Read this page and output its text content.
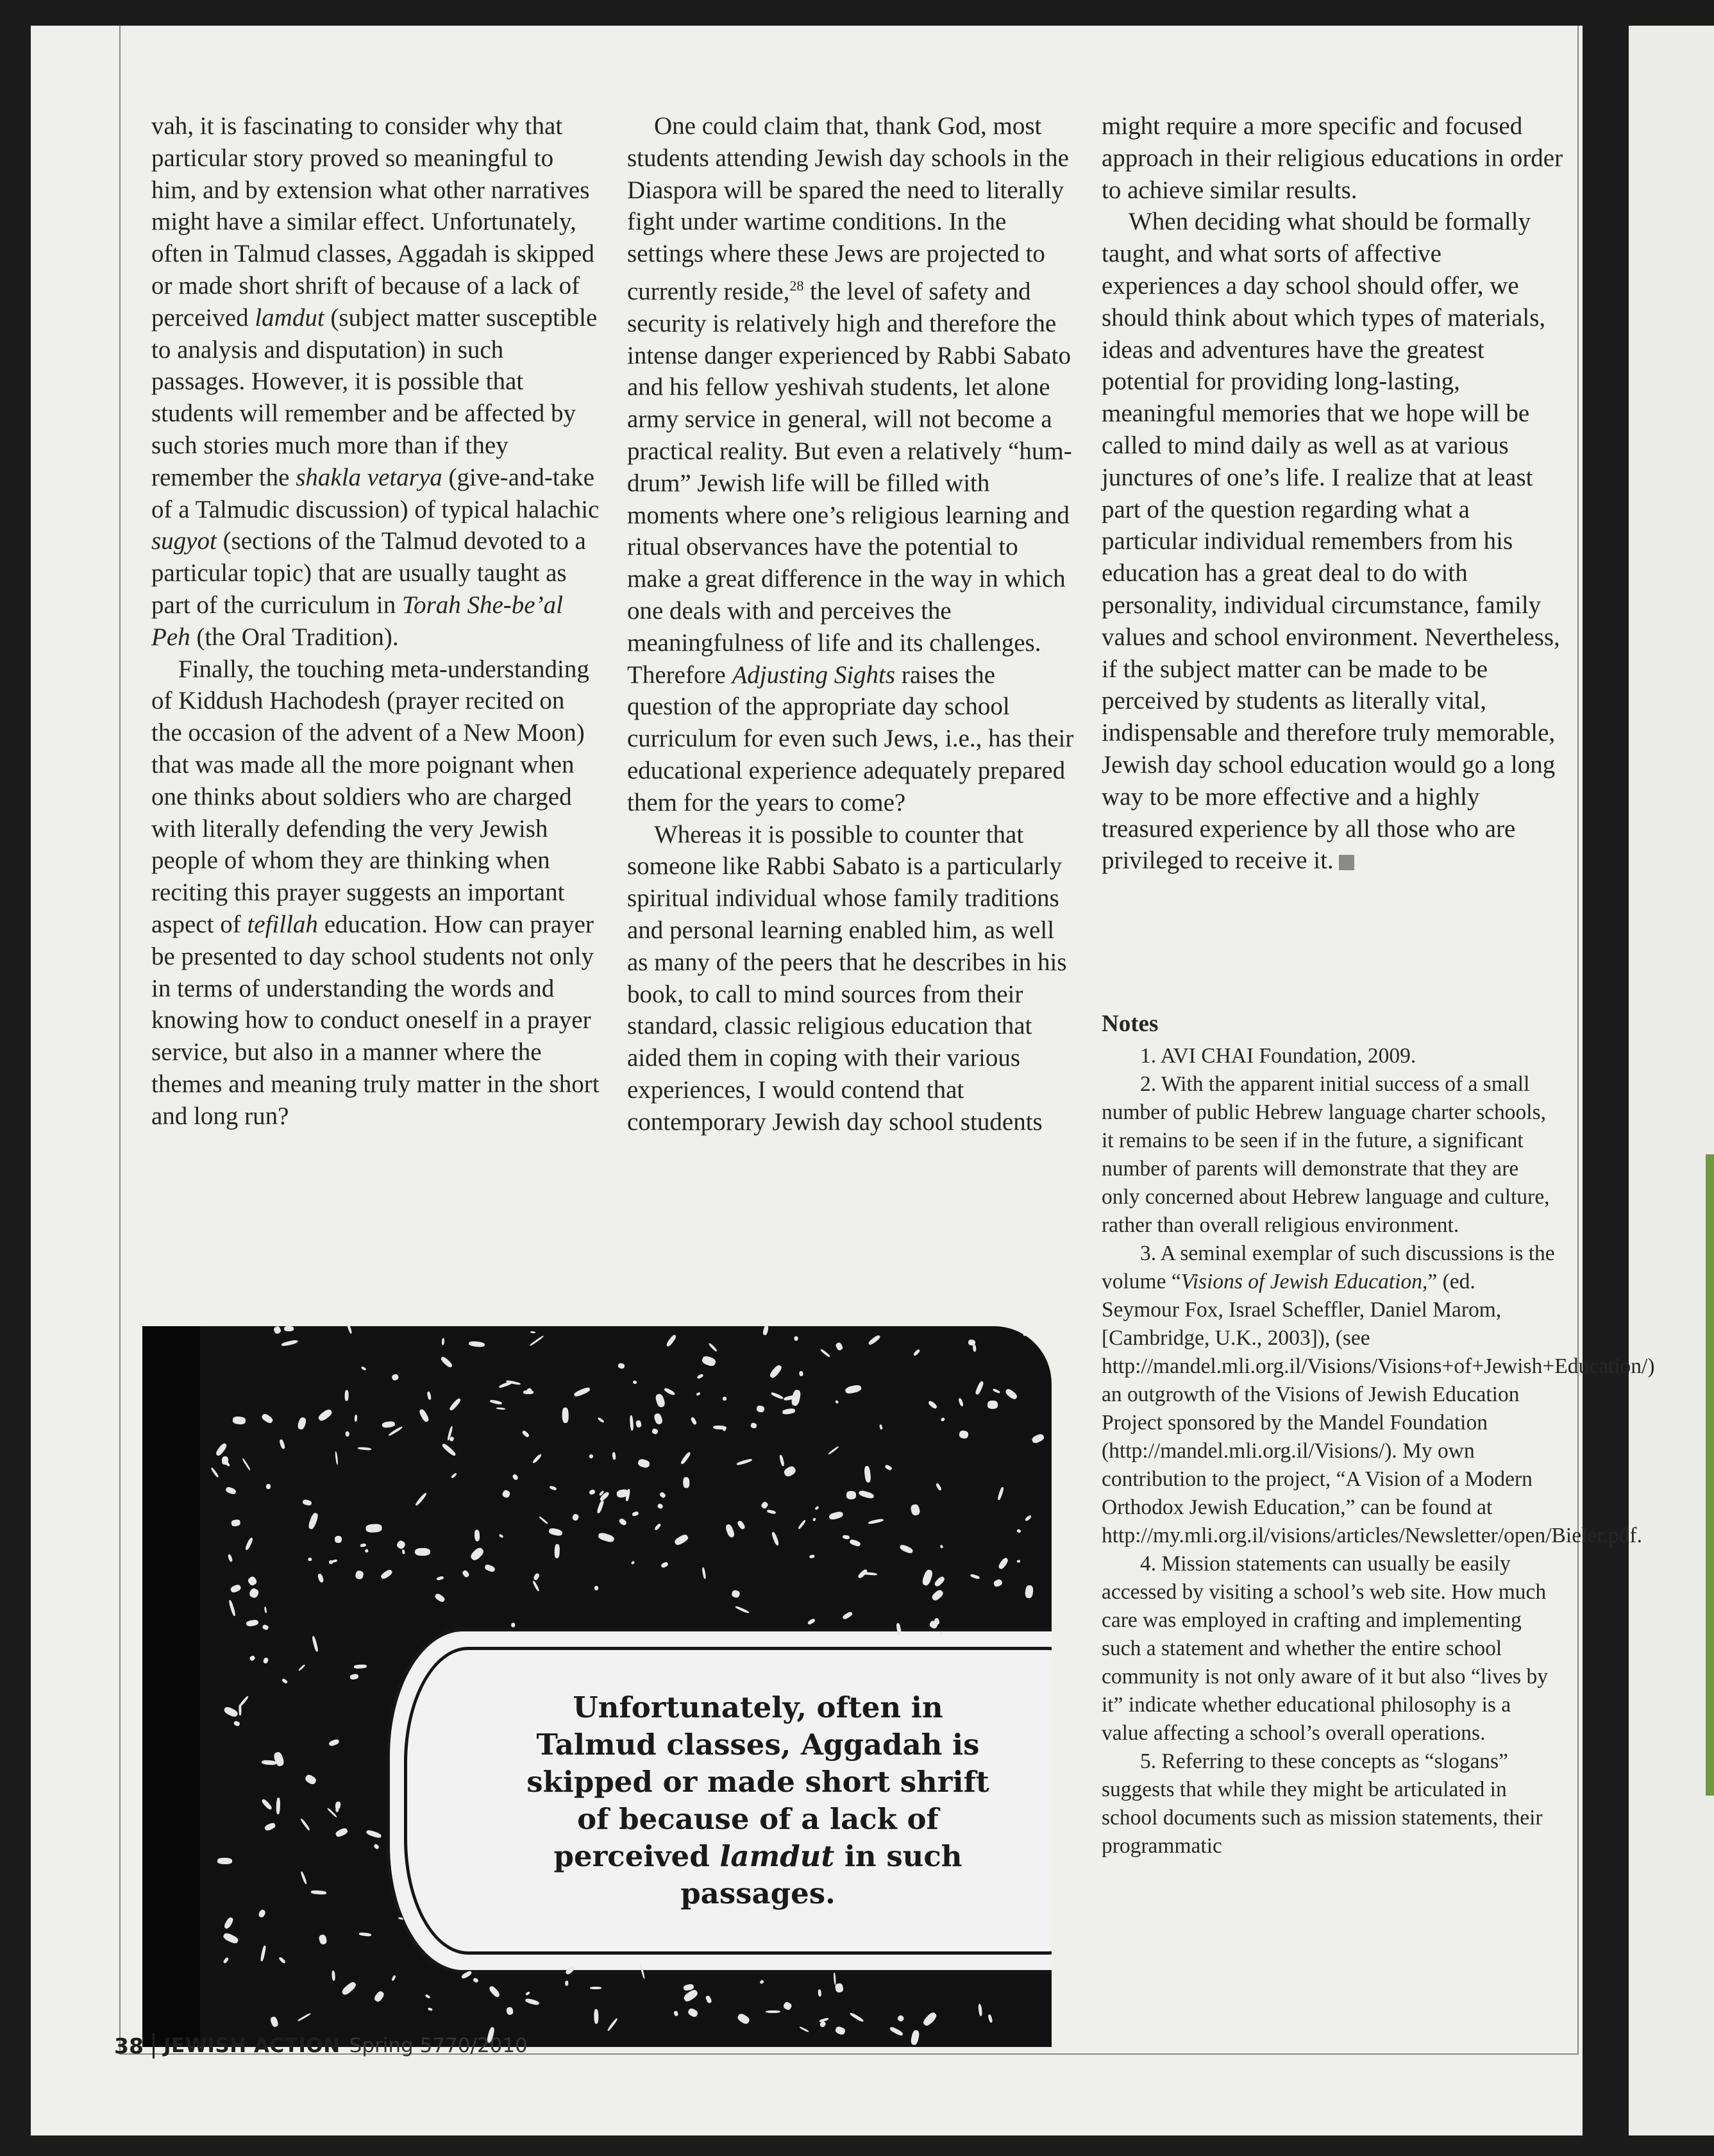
vah, it is fascinating to consider why that particular story proved so meaningful to him, and by extension what other narratives might have a similar effect. Unfortunately, often in Talmud classes, Aggadah is skipped or made short shrift of because of a lack of perceived lamdut (subject matter susceptible to analysis and disputation) in such passages. However, it is possible that students will remember and be affected by such stories much more than if they remember the shakla vetarya (give-and-take of a Talmudic discussion) of typical halachic sugyot (sections of the Talmud devoted to a particular topic) that are usually taught as part of the curriculum in Torah She-be’al Peh (the Oral Tradition).

Finally, the touching meta-understanding of Kiddush Hachodesh (prayer recited on the occasion of the advent of a New Moon) that was made all the more poignant when one thinks about soldiers who are charged with literally defending the very Jewish people of whom they are thinking when reciting this prayer suggests an important aspect of tefillah education. How can prayer be presented to day school students not only in terms of understanding the words and knowing how to conduct oneself in a prayer service, but also in a manner where the themes and meaning truly matter in the short and long run?

One could claim that, thank God, most students attending Jewish day schools in the Diaspora will be spared the need to literally fight under wartime conditions. In the settings where these Jews are projected to currently reside,$^{28}$ the level of safety and security is relatively high and therefore the intense danger experienced by Rabbi Sabato and his fellow yeshivah students, let alone army service in general, will not become a practical reality. But even a relatively “hum-drum” Jewish life will be filled with moments where one’s religious learning and ritual observances have the potential to make a great difference in the way in which one deals with and perceives the meaningfulness of life and its challenges. Therefore Adjusting Sights raises the question of the appropriate day school curriculum for even such Jews, i.e., has their educational experience adequately prepared them for the years to come?

Whereas it is possible to counter that someone like Rabbi Sabato is a particularly spiritual individual whose family traditions and personal learning enabled him, as well as many of the peers that he describes in his book, to call to mind sources from their standard, classic religious education that aided them in coping with their various experiences, I would contend that contemporary Jewish day school students

might require a more specific and focused approach in their religious educations in order to achieve similar results.

When deciding what should be formally taught, and what sorts of affective experiences a day school should offer, we should think about which types of materials, ideas and adventures have the greatest potential for providing long-lasting, meaningful memories that we hope will be called to mind daily as well as at various junctures of one’s life. I realize that at least part of the question regarding what a particular individual remembers from his education has a great deal to do with personality, individual circumstance, family values and school environment. Nevertheless, if the subject matter can be made to be perceived by students as literally vital, indispensable and therefore truly memorable, Jewish day school education would go a long way to be more effective and a highly treasured experience by all those who are privileged to receive it.

Notes

1. AVI CHAI Foundation, 2009.

2. With the apparent initial success of a small number of public Hebrew language charter schools, it remains to be seen if in the future, a significant number of parents will demonstrate that they are only concerned about Hebrew language and culture, rather than overall religious environment.

3. A seminal exemplar of such discussions is the volume “Visions of Jewish Education,” (ed. Seymour Fox, Israel Scheffler, Daniel Marom, [Cambridge, U.K., 2003]), (see http://mandel.mli.org.il/Visions/Visions+of+Jewish+Education/) an outgrowth of the Visions of Jewish Education Project sponsored by the Mandel Foundation (http://mandel.mli.org.il/Visions/). My own contribution to the project, “A Vision of a Modern Orthodox Jewish Education,” can be found at http://my.mli.org.il/visions/articles/Newsletter/open/Bieler.pdf.

4. Mission statements can usually be easily accessed by visiting a school’s web site. How much care was employed in crafting and implementing such a statement and whether the entire school community is not only aware of it but also “lives by it” indicate whether educational philosophy is a value affecting a school’s overall operations.

5. Referring to these concepts as “slogans” suggests that while they might be articulated in school documents such as mission statements, their programmatic

Unfortunately, often in Talmud classes, Aggadah is skipped or made short shrift of because of a lack of perceived lamdut in such passages.
38 JEWISH ACTION Spring 5770/2010
